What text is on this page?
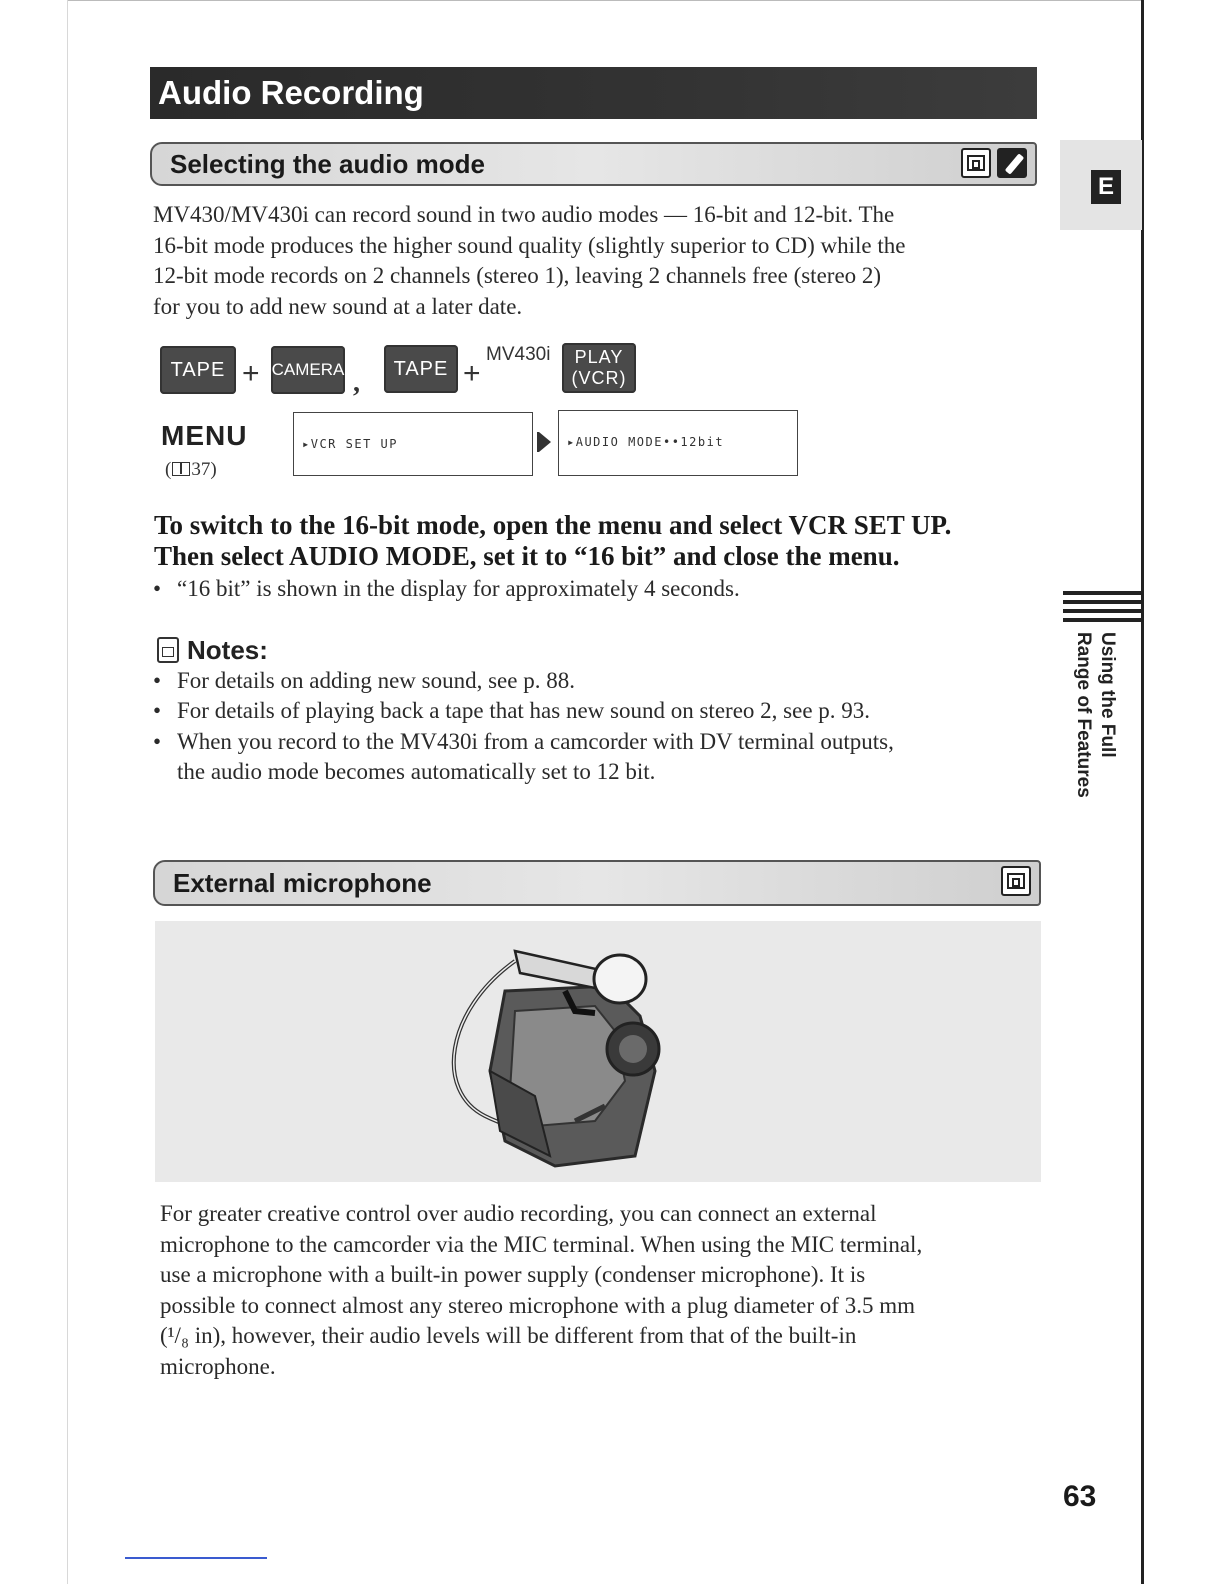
Audio Recording
Selecting the audio mode
MV430/MV430i can record sound in two audio modes — 16-bit and 12-bit. The
16-bit mode produces the higher sound quality (slightly superior to CD) while the
12-bit mode records on 2 channels (stereo 1), leaving 2 channels free (stereo 2)
for you to add new sound at a later date.
TAPE + CAMERA ,	TAPE +
MV430i	PLAY
(VCR)
MENU
( 37)
▸VCR SET UP	▸AUDIO MODE••12bit
To switch to the 16-bit mode, open the menu and select VCR SET UP.
Then select AUDIO MODE, set it to “16 bit” and close the menu.
• “16 bit” is shown in the display for approximately 4 seconds.
Notes:
• For details on adding new sound, see p. 88.
• For details of playing back a tape that has new sound on stereo 2, see p. 93.
• When you record to the MV430i from a camcorder with DV terminal outputs,
the audio mode becomes automatically set to 12 bit.
External microphone
For greater creative control over audio recording, you can connect an external
microphone to the camcorder via the MIC terminal. When using the MIC terminal,
use a microphone with a built-in power supply (condenser microphone). It is
possible to connect almost any stereo microphone with a plug diameter of 3.5 mm
(¹/₈ in), however, their audio levels will be different from that of the built-in
microphone.
E
Using the Full
Range of Features
63
